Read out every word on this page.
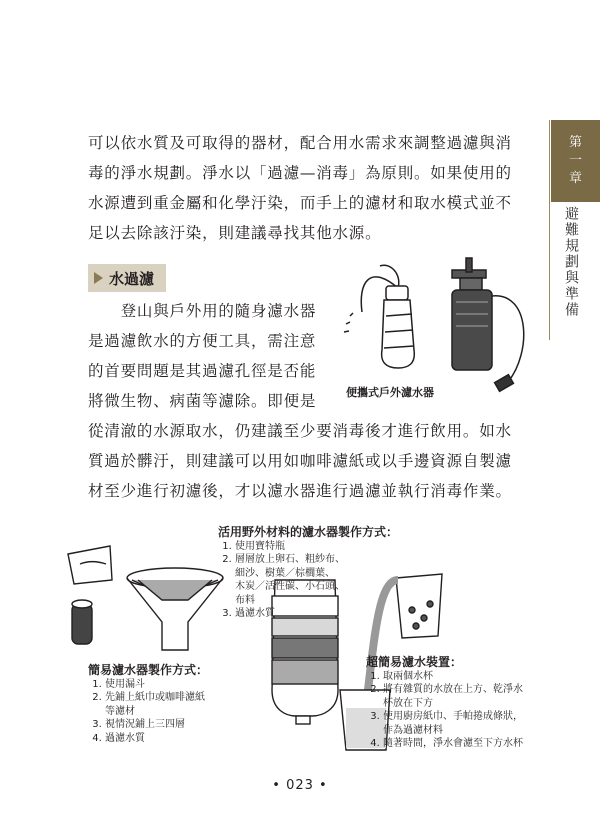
第
一
章
避難規劃與準備

可以依水質及可取得的器材，配合用水需求來調整過濾與消

毒的淨水規劃。淨水以「過濾—消毒」為原則。如果使用的

水源遭到重金屬和化學汙染，而手上的濾材和取水模式並不

足以去除該汙染，則建議尋找其他水源。

水過濾

　　登山與戶外用的隨身濾水器

是過濾飲水的方便工具，需注意

的首要問題是其過濾孔徑是否能

將微生物、病菌等濾除。即便是

從清澈的水源取水，仍建議至少要消毒後才進行飲用。如水

質過於髒汙，則建議可以用如咖啡濾紙或以手邊資源自製濾

材至少進行初濾後，才以濾水器進行過濾並執行消毒作業。

便攜式戶外濾水器
活用野外材料的濾水器製作方式：
1. 使用寶特瓶
2. 層層放上卵石、粗紗布、
細沙、樹葉／棕櫚葉、
木炭／活性碳、小石頭、
布料
3. 過濾水質
簡易濾水器製作方式：
1. 使用漏斗
2. 先鋪上紙巾或咖啡濾紙
等濾材
3. 視情況鋪上三四層
4. 過濾水質
超簡易濾水裝置：
1. 取兩個水杯
2. 將有雜質的水放在上方、乾淨水
杯放在下方
3. 使用廚房紙巾、手帕捲成條狀，
作為過濾材料
4. 隨著時間，淨水會濾至下方水杯
• 023 •
